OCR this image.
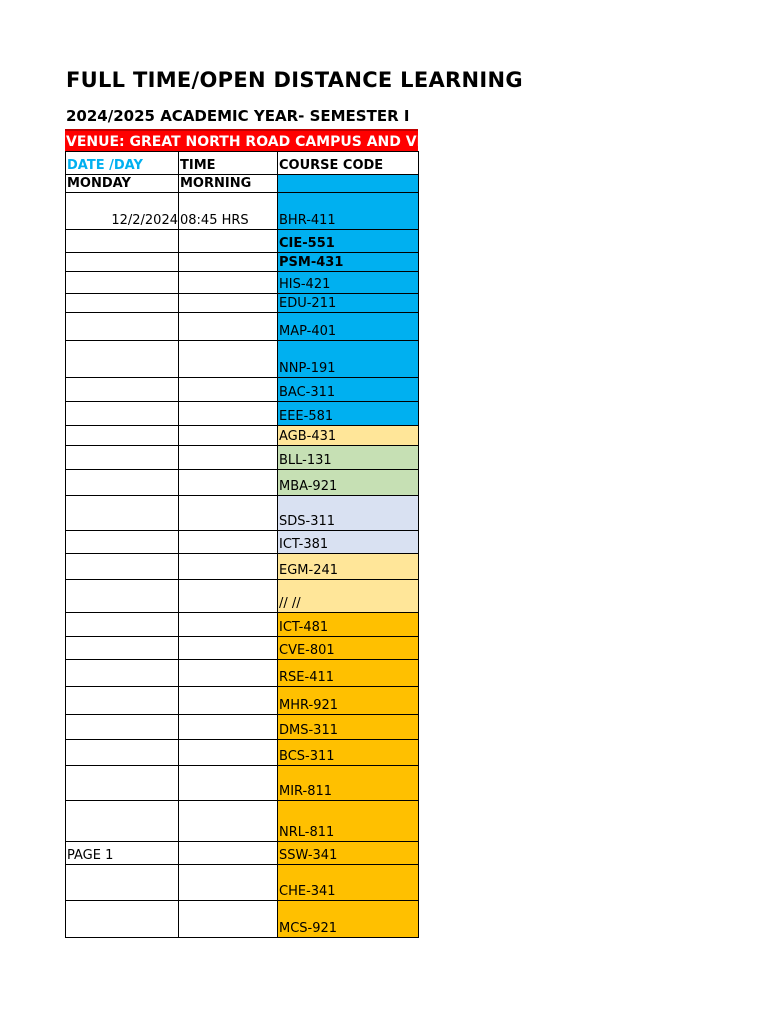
FULL TIME/OPEN DISTANCE LEARNING
2024/2025 ACADEMIC YEAR- SEMESTER I
VENUE: GREAT NORTH ROAD CAMPUS AND VILLA
DATE /DAY	TIME	COURSE CODE
MONDAY	MORNING	
12/2/2024	08:45 HRS	BHR-411
		CIE-551
		PSM-431
		HIS-421
		EDU-211
		MAP-401
		NNP-191
		BAC-311
		EEE-581
		AGB-431
		BLL-131
		MBA-921
		SDS-311
		ICT-381
		EGM-241
		// //
		ICT-481
		CVE-801
		RSE-411
		MHR-921
		DMS-311
		BCS-311
		MIR-811
		NRL-811
PAGE 1		SSW-341
		CHE-341
		MCS-921
